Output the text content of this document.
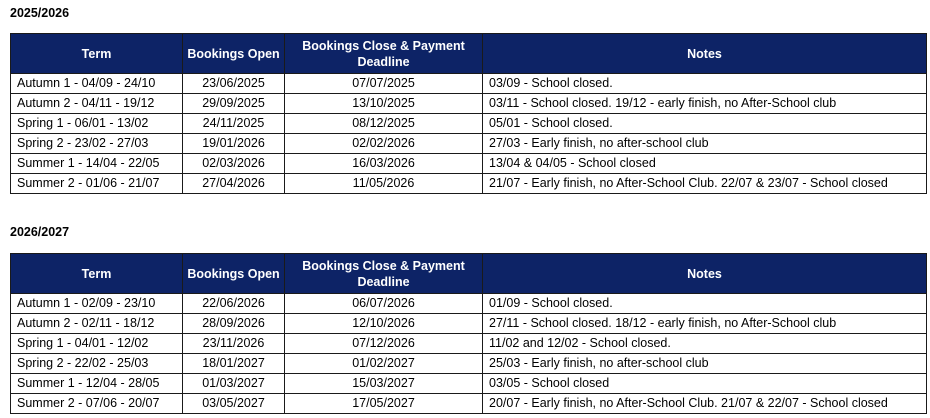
2025/2026
Term	Bookings Open	Bookings Close & Payment Deadline	Notes
Autumn 1 - 04/09 - 24/10	23/06/2025	07/07/2025	03/09 - School closed.
Autumn 2 - 04/11 - 19/12	29/09/2025	13/10/2025	03/11 - School closed. 19/12 - early finish, no After-School club
Spring 1 - 06/01 - 13/02	24/11/2025	08/12/2025	05/01 - School closed.
Spring 2 - 23/02 - 27/03	19/01/2026	02/02/2026	27/03 - Early finish, no after-school club
Summer 1 - 14/04 - 22/05	02/03/2026	16/03/2026	13/04 & 04/05 - School closed
Summer 2 - 01/06 - 21/07	27/04/2026	11/05/2026	21/07 - Early finish, no After-School Club. 22/07 & 23/07 - School closed
2026/2027
Term	Bookings Open	Bookings Close & Payment Deadline	Notes
Autumn 1 - 02/09 - 23/10	22/06/2026	06/07/2026	01/09 - School closed.
Autumn 2 - 02/11 - 18/12	28/09/2026	12/10/2026	27/11 - School closed. 18/12 - early finish, no After-School club
Spring 1 - 04/01 - 12/02	23/11/2026	07/12/2026	11/02 and 12/02 - School closed.
Spring 2 - 22/02 - 25/03	18/01/2027	01/02/2027	25/03 - Early finish, no after-school club
Summer 1 - 12/04 - 28/05	01/03/2027	15/03/2027	03/05 - School closed
Summer 2 - 07/06 - 20/07	03/05/2027	17/05/2027	20/07 - Early finish, no After-School Club. 21/07 & 22/07 - School closed
